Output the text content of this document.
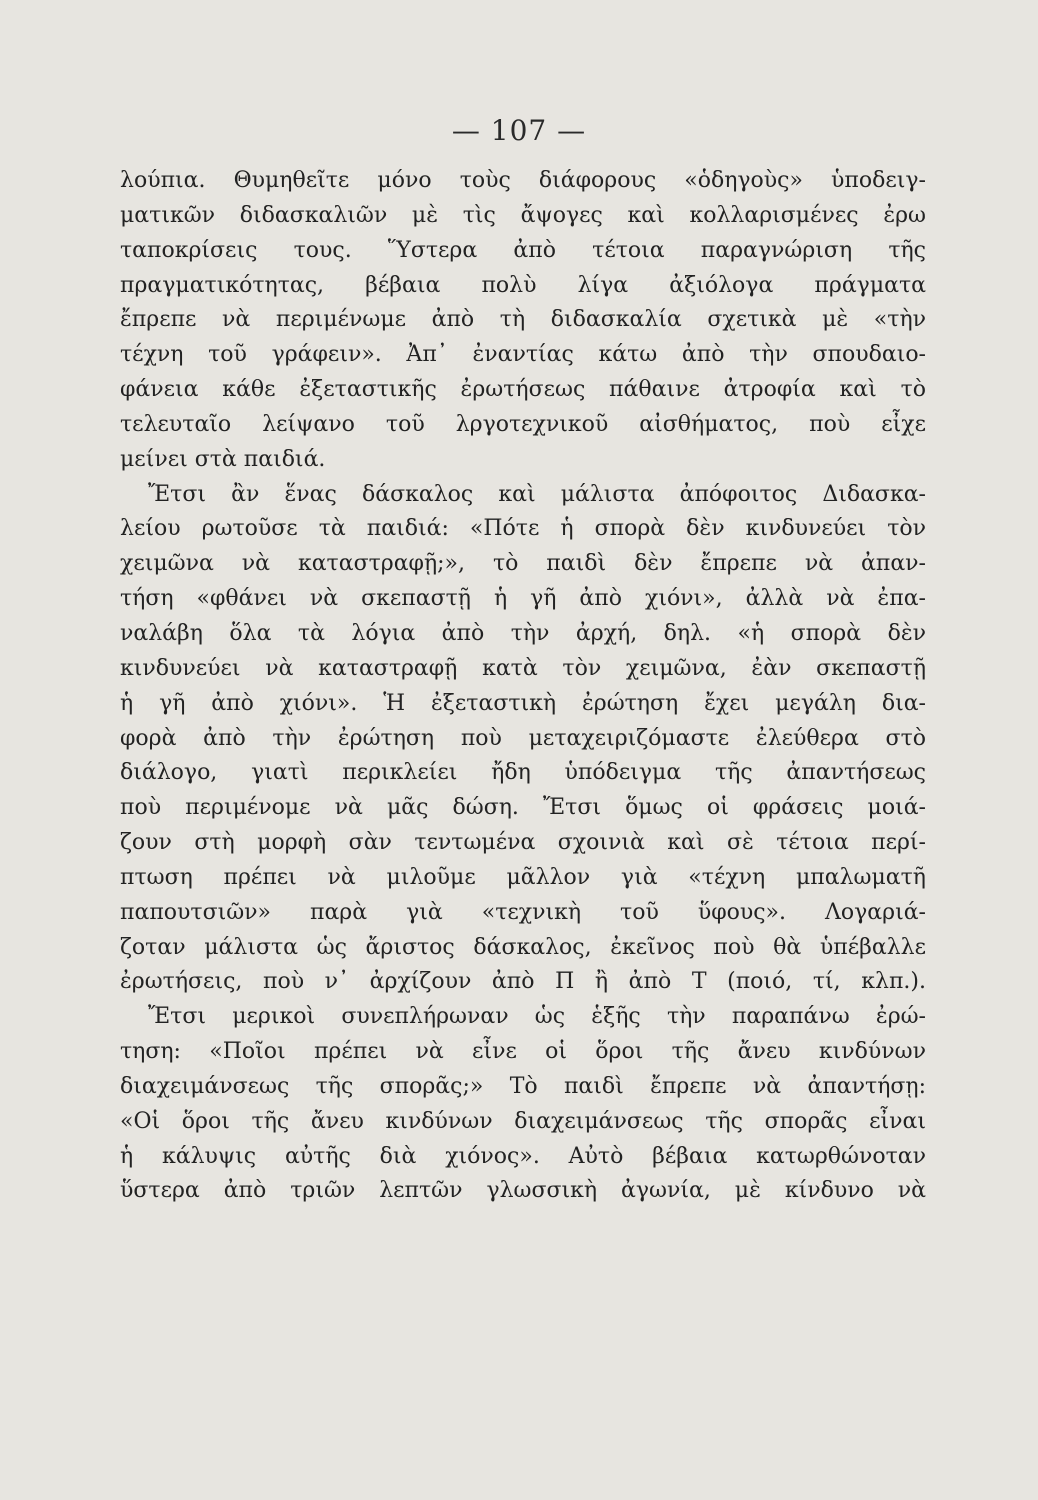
— 107 —
λούπια. Θυμηθεῖτε μόνο τοὺς διάφορους «ὁδηγοὺς» ὑποδειγ-
ματικῶν διδασκαλιῶν μὲ τὶς ἄψογες καὶ κολλαρισμένες ἐρω
ταποκρίσεις τους. Ὕστερα ἀπὸ τέτοια παραγνώριση τῆς
πραγματικότητας, βέβαια πολὺ λίγα ἀξιόλογα πράγματα
ἔπρεπε νὰ περιμένωμε ἀπὸ τὴ διδασκαλία σχετικὰ μὲ «τὴν
τέχνη τοῦ γράφειν». Ἀπ᾽ ἐναντίας κάτω ἀπὸ τὴν σπουδαιο-
φάνεια κάθε ἐξεταστικῆς ἐρωτήσεως πάθαινε ἀτροφία καὶ τὸ
τελευταῖο λείψανο τοῦ λργοτεχνικοῦ αἰσθήματος, ποὺ εἶχε
μείνει στὰ παιδιά.
Ἔτσι ἂν ἕνας δάσκαλος καὶ μάλιστα ἀπόφοιτος Διδασκα-
λείου ρωτοῦσε τὰ παιδιά: «Πότε ἡ σπορὰ δὲν κινδυνεύει τὸν
χειμῶνα νὰ καταστραφῇ;», τὸ παιδὶ δὲν ἔπρεπε νὰ ἀπαν-
τήση «φθάνει νὰ σκεπαστῇ ἡ γῆ ἀπὸ χιόνι», ἀλλὰ νὰ ἐπα-
ναλάβη ὅλα τὰ λόγια ἀπὸ τὴν ἀρχή, δηλ. «ἡ σπορὰ δὲν
κινδυνεύει νὰ καταστραφῇ κατὰ τὸν χειμῶνα, ἐὰν σκεπαστῇ
ἡ γῆ ἀπὸ χιόνι». Ἡ ἐξεταστικὴ ἐρώτηση ἔχει μεγάλη δια-
φορὰ ἀπὸ τὴν ἐρώτηση ποὺ μεταχειριζόμαστε ἐλεύθερα στὸ
διάλογο, γιατὶ περικλείει ἤδη ὑπόδειγμα τῆς ἀπαντήσεως
ποὺ περιμένομε νὰ μᾶς δώση. Ἔτσι ὅμως οἱ φράσεις μοιά-
ζουν στὴ μορφὴ σὰν τεντωμένα σχοινιὰ καὶ σὲ τέτοια περί-
πτωση πρέπει νὰ μιλοῦμε μᾶλλον γιὰ «τέχνη μπαλωματῆ
παπουτσιῶν» παρὰ γιὰ «τεχνικὴ τοῦ ὕφους». Λογαριά-
ζοταν μάλιστα ὡς ἄριστος δάσκαλος, ἐκεῖνος ποὺ θὰ ὑπέβαλλε
ἐρωτήσεις, ποὺ ν᾽ ἀρχίζουν ἀπὸ Π ἢ ἀπὸ Τ (ποιό, τί, κλπ.).
Ἔτσι μερικοὶ συνεπλήρωναν ὡς ἑξῆς τὴν παραπάνω ἐρώ-
τηση: «Ποῖοι πρέπει νὰ εἶνε οἱ ὅροι τῆς ἄνευ κινδύνων
διαχειμάνσεως τῆς σπορᾶς;» Τὸ παιδὶ ἔπρεπε νὰ ἀπαντήσῃ:
«Οἱ ὅροι τῆς ἄνευ κινδύνων διαχειμάνσεως τῆς σπορᾶς εἶναι
ἡ κάλυψις αὐτῆς διὰ χιόνος». Αὐτὸ βέβαια κατωρθώνοταν
ὕστερα ἀπὸ τριῶν λεπτῶν γλωσσικὴ ἀγωνία, μὲ κίνδυνο νὰ
